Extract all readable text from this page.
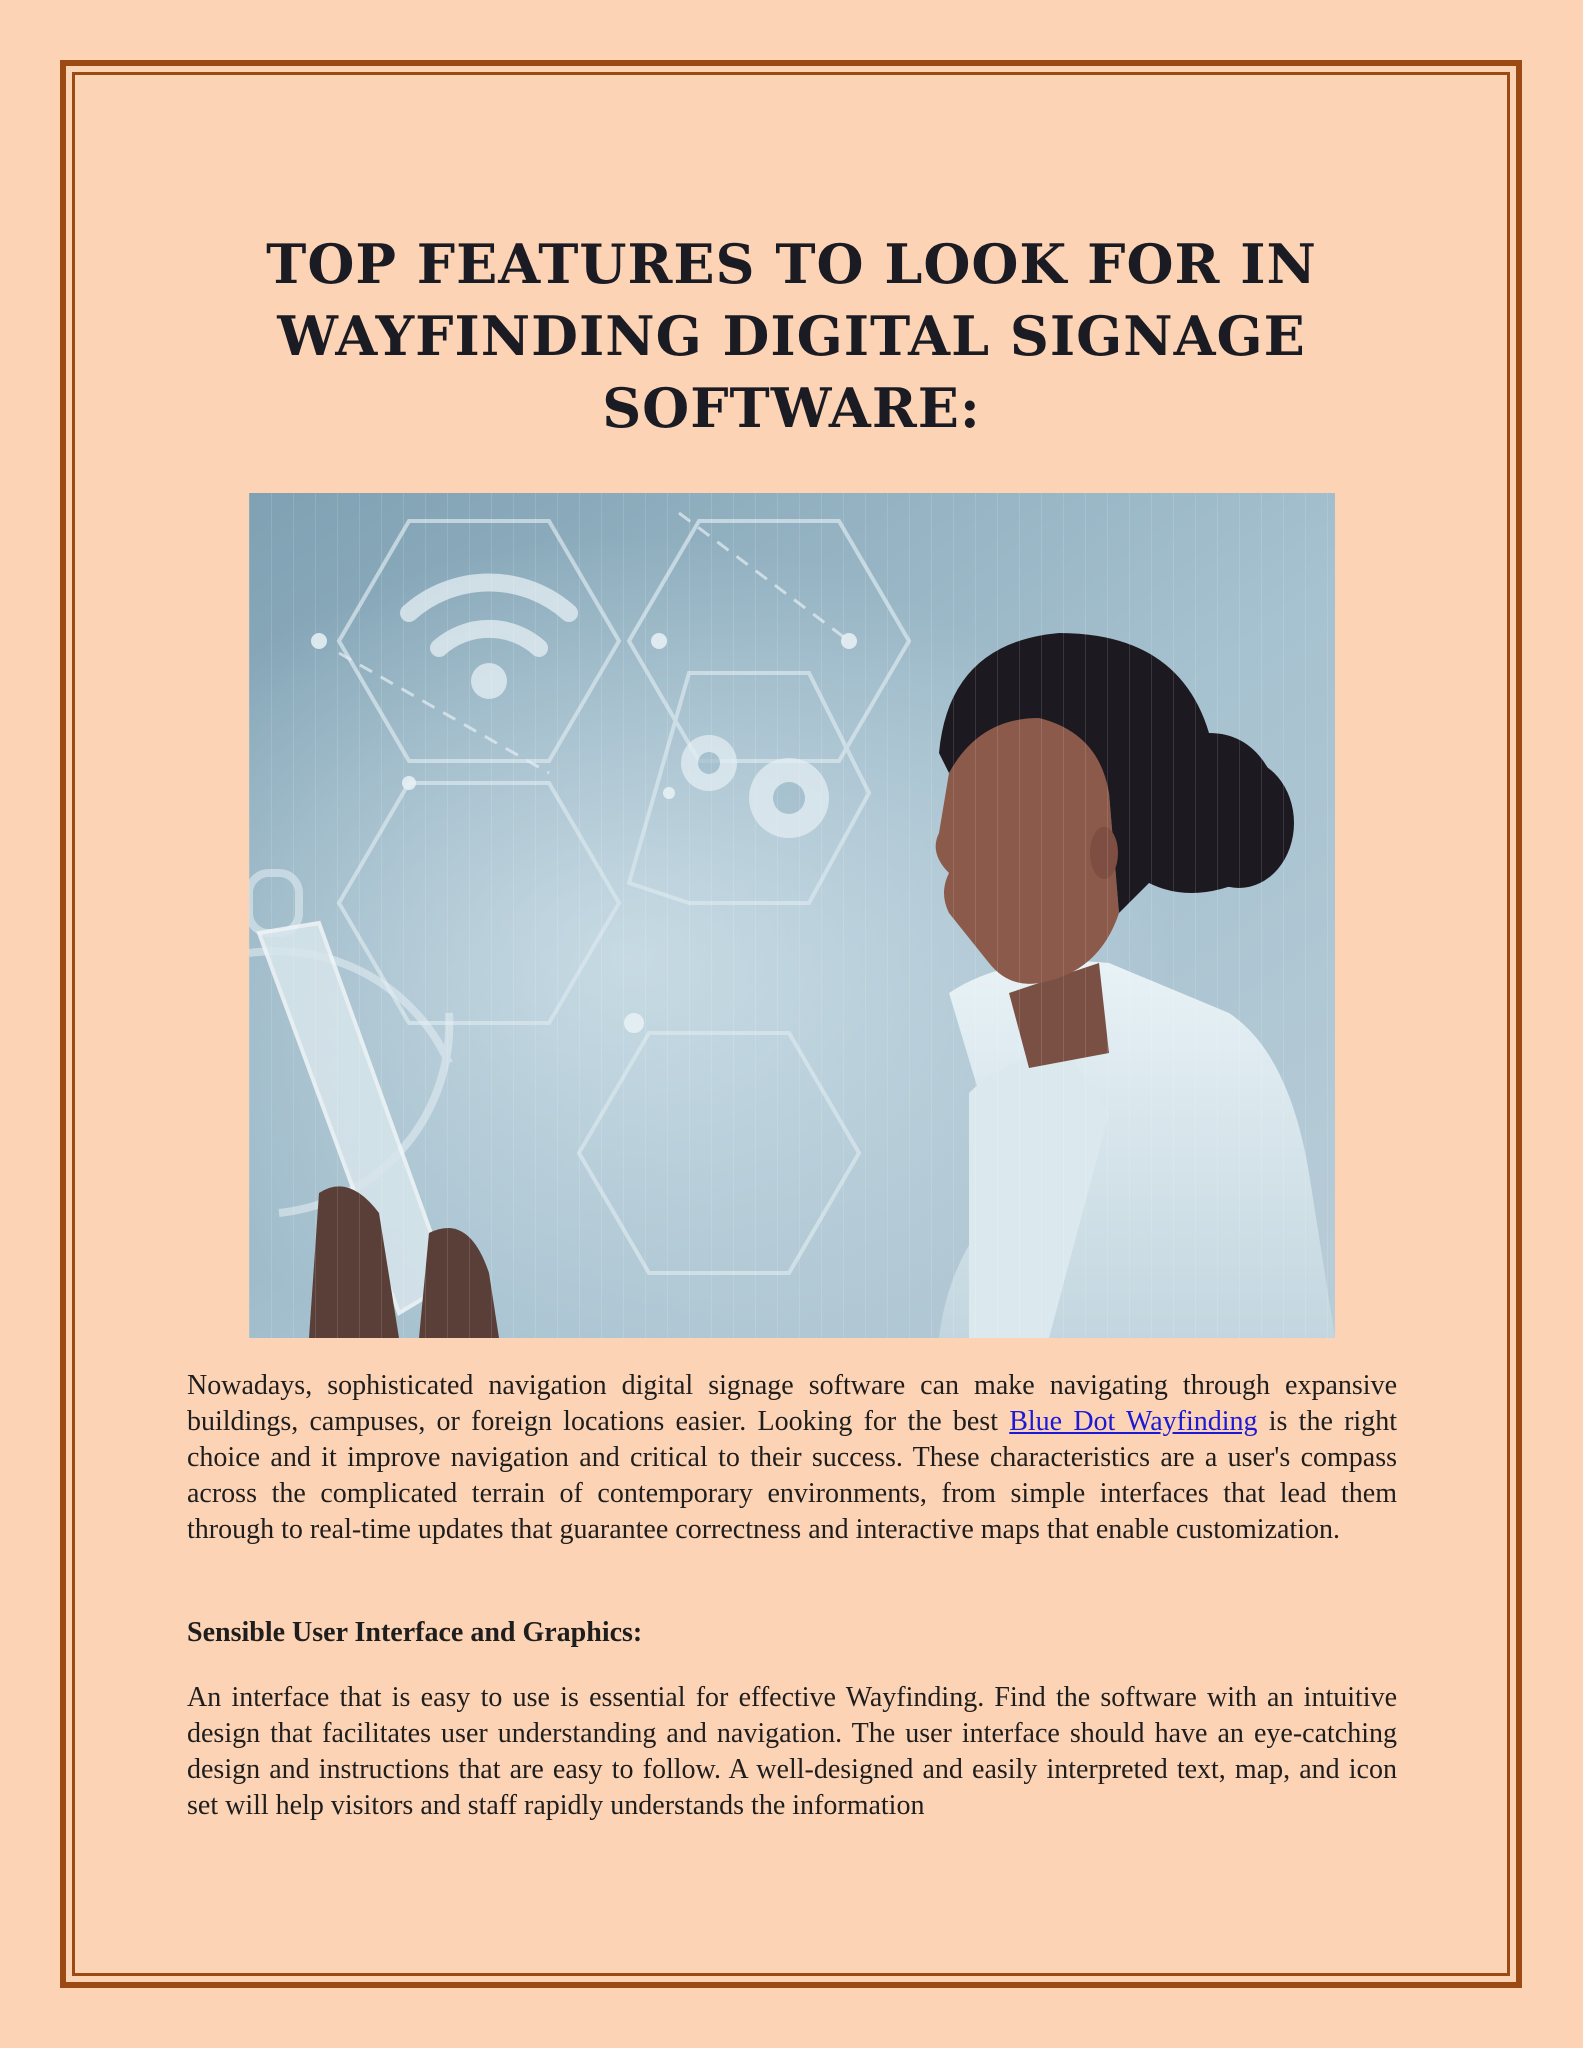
TOP FEATURES TO LOOK FOR IN WAYFINDING DIGITAL SIGNAGE SOFTWARE:

Nowadays, sophisticated navigation digital signage software can make navigating through expansive buildings, campuses, or foreign locations easier. Looking for the best Blue Dot Wayfinding is the right choice and it improve navigation and critical to their success. These characteristics are a user's compass across the complicated terrain of contemporary environments, from simple interfaces that lead them through to real-time updates that guarantee correctness and interactive maps that enable customization.

Sensible User Interface and Graphics:

An interface that is easy to use is essential for effective Wayfinding. Find the software with an intuitive design that facilitates user understanding and navigation. The user interface should have an eye-catching design and instructions that are easy to follow. A well-designed and easily interpreted text, map, and icon set will help visitors and staff rapidly understands the information
